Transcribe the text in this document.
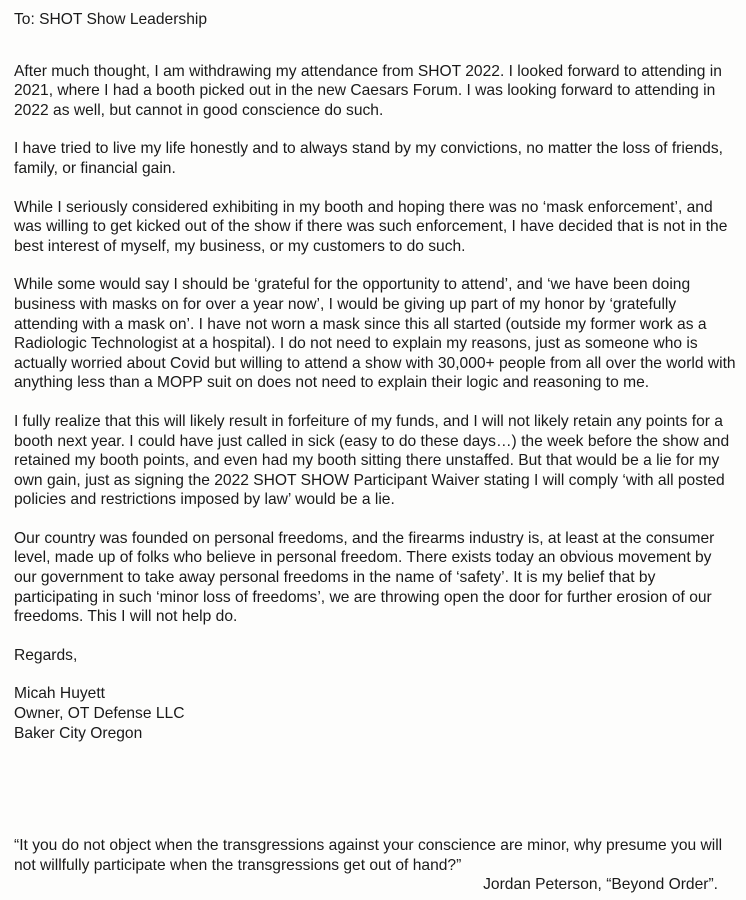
To: SHOT Show Leadership

After much thought, I am withdrawing my attendance from SHOT 2022. I looked forward to attending in 2021, where I had a booth picked out in the new Caesars Forum. I was looking forward to attending in 2022 as well, but cannot in good conscience do such.

I have tried to live my life honestly and to always stand by my convictions, no matter the loss of friends, family, or financial gain.

While I seriously considered exhibiting in my booth and hoping there was no ‘mask enforcement’, and was willing to get kicked out of the show if there was such enforcement, I have decided that is not in the best interest of myself, my business, or my customers to do such.

While some would say I should be ‘grateful for the opportunity to attend’, and ‘we have been doing business with masks on for over a year now’, I would be giving up part of my honor by ‘gratefully attending with a mask on’. I have not worn a mask since this all started (outside my former work as a Radiologic Technologist at a hospital). I do not need to explain my reasons, just as someone who is actually worried about Covid but willing to attend a show with 30,000+ people from all over the world with anything less than a MOPP suit on does not need to explain their logic and reasoning to me.

I fully realize that this will likely result in forfeiture of my funds, and I will not likely retain any points for a booth next year. I could have just called in sick (easy to do these days…) the week before the show and retained my booth points, and even had my booth sitting there unstaffed. But that would be a lie for my own gain, just as signing the 2022 SHOT SHOW Participant Waiver stating I will comply ‘with all posted policies and restrictions imposed by law’ would be a lie.

Our country was founded on personal freedoms, and the firearms industry is, at least at the consumer level, made up of folks who believe in personal freedom. There exists today an obvious movement by our government to take away personal freedoms in the name of ‘safety’. It is my belief that by participating in such ‘minor loss of freedoms’, we are throwing open the door for further erosion of our freedoms. This I will not help do.

Regards,

Micah Huyett
Owner, OT Defense LLC
Baker City Oregon

“It you do not object when the transgressions against your conscience are minor, why presume you will not willfully participate when the transgressions get out of hand?”

Jordan Peterson, “Beyond Order”.
